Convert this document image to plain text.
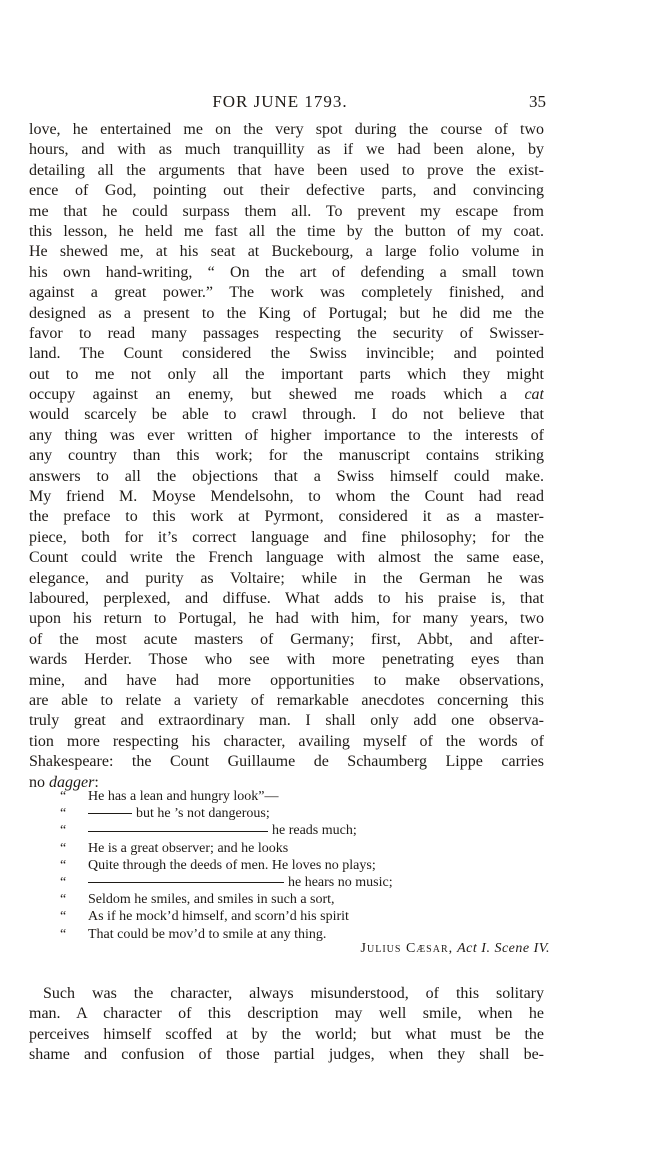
FOR JUNE 1793.	35
love, he entertained me on the very spot during the course of two
hours, and with as much tranquillity as if we had been alone, by
detailing all the arguments that have been used to prove the exist-
ence of God, pointing out their defective parts, and convincing
me that he could surpass them all. To prevent my escape from
this lesson, he held me fast all the time by the button of my coat.
He shewed me, at his seat at Buckebourg, a large folio volume in
his own hand-writing, “ On the art of defending a small town
against a great power.” The work was completely finished, and
designed as a present to the King of Portugal; but he did me the
favor to read many passages respecting the security of Swisser-
land. The Count considered the Swiss invincible; and pointed
out to me not only all the important parts which they might
occupy against an enemy, but shewed me roads which a cat
would scarcely be able to crawl through. I do not believe that
any thing was ever written of higher importance to the interests of
any country than this work; for the manuscript contains striking
answers to all the objections that a Swiss himself could make.
My friend M. Moyse Mendelsohn, to whom the Count had read
the preface to this work at Pyrmont, considered it as a master-
piece, both for it’s correct language and fine philosophy; for the
Count could write the French language with almost the same ease,
elegance, and purity as Voltaire; while in the German he was
laboured, perplexed, and diffuse. What adds to his praise is, that
upon his return to Portugal, he had with him, for many years, two
of the most acute masters of Germany; first, Abbt, and after-
wards Herder. Those who see with more penetrating eyes than
mine, and have had more opportunities to make observations,
are able to relate a variety of remarkable anecdotes concerning this
truly great and extraordinary man. I shall only add one observa-
tion more respecting his character, availing myself of the words of
Shakespeare: the Count Guillaume de Schaumberg Lippe carries
no dagger:
“ He has a lean and hungry look”—
“	but he ’s not dangerous;
“	he reads much;
“ He is a great observer; and he looks
“ Quite through the deeds of men. He loves no plays;
“	he hears no music;
“ Seldom he smiles, and smiles in such a sort,
“ As if he mock’d himself, and scorn’d his spirit
“ That could be mov’d to smile at any thing.
Julius Cæsar, Act I. Scene IV.
Such was the character, always misunderstood, of this solitary
man. A character of this description may well smile, when he
perceives himself scoffed at by the world; but what must be the
shame and confusion of those partial judges, when they shall be-
